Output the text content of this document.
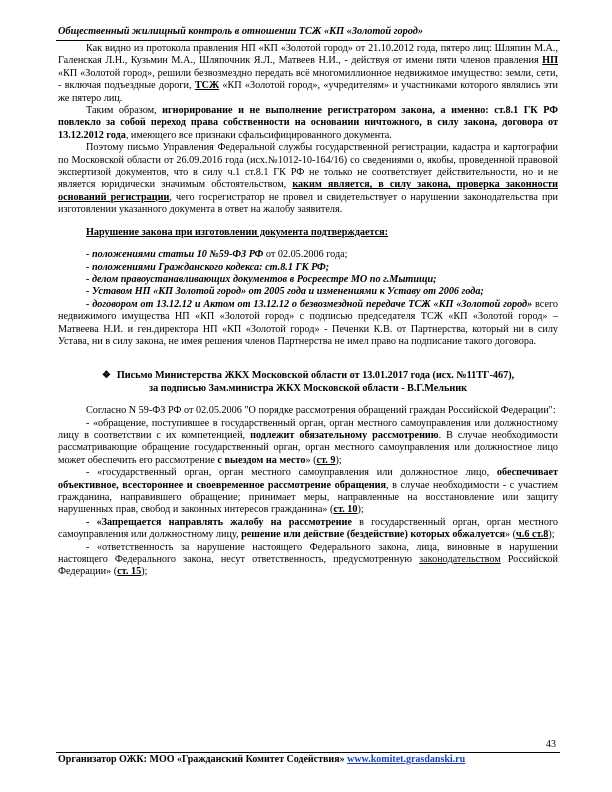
Общественный жилищный контроль в отношении ТСЖ «КП «Золотой город»

Как видно из протокола правления НП «КП «Золотой город» от 21.10.2012 года, пятеро лиц: Шляпин М.А., Галенская Л.Н., Кузьмин М.А., Шляпочник Я.Л., Матвеев Н.И., - действуя от имени пяти членов правления НП «КП «Золотой город», решили безвозмездно передать всё многомиллионное недвижимое имущество: земли, сети, - включая подъездные дороги, ТСЖ «КП «Золотой город», «учредителям» и участниками которого являлись эти же пятеро лиц.

Таким образом, игнорирование и не выполнение регистратором закона, а именно: ст.8.1 ГК РФ повлекло за собой переход права собственности на основании ничтожного, в силу закона, договора от 13.12.2012 года, имеющего все признаки сфальсифицированного документа.

Поэтому письмо Управления Федеральной службы государственной регистрации, кадастра и картографии по Московской области от 26.09.2016 года (исх.№1012-10-164/16) со сведениями о, якобы, проведенной правовой экспертизой документов, что в силу ч.1 ст.8.1 ГК РФ не только не соответствует действительности, но и не является юридически значимым обстоятельством, каким является, в силу закона, проверка законности оснований регистрации, чего госрегистратор не провел и свидетельствует о нарушении законодательства при изготовлении указанного документа в ответ на жалобу заявителя.

Нарушение закона при изготовлении документа подтверждается:

- положениями статьи 10 №59-ФЗ РФ от 02.05.2006 года;

- положениями Гражданского кодекса: ст.8.1 ГК РФ;

- делом правоустанавливающих документов в Росреестре МО по г.Мытищи;

- Уставом НП «КП Золотой город» от 2005 года и изменениями к Уставу от 2006 года;

- договором от 13.12.12 и Актом от 13.12.12 о безвозмездной передаче ТСЖ «КП «Золотой город» всего недвижимого имущества НП «КП «Золотой город» с подписью председателя ТСЖ «КП «Золотой город» – Матвеева Н.И. и ген.директора НП «КП «Золотой город» - Печенки К.В. от Партнерства, который ни в силу Устава, ни в силу закона, не имея решения членов Партнерства не имел право на подписание такого договора.

❖ Письмо Министерства ЖКХ Московской области от 13.01.2017 года (исх. №11ТГ-467),

за подписью Зам.министра ЖКХ Московской области - В.Г.Мельник

Согласно N 59-ФЗ РФ от 02.05.2006 "О порядке рассмотрения обращений граждан Российской Федерации":

- «обращение, поступившее в государственный орган, орган местного самоуправления или должностному лицу в соответствии с их компетенцией, подлежит обязательному рассмотрению. В случае необходимости рассматривающие обращение государственный орган, орган местного самоуправления или должностное лицо может обеспечить его рассмотрение с выездом на место» (ст. 9);

- «государственный орган, орган местного самоуправления или должностное лицо, обеспечивает объективное, всестороннее и своевременное рассмотрение обращения, в случае необходимости - с участием гражданина, направившего обращение; принимает меры, направленные на восстановление или защиту нарушенных прав, свобод и законных интересов гражданина» (ст. 10);

- «Запрещается направлять жалобу на рассмотрение в государственный орган, орган местного самоуправления или должностному лицу, решение или действие (бездействие) которых обжалуется» (ч.6 ст.8);

- «ответственность за нарушение настоящего Федерального закона, лица, виновные в нарушении настоящего Федерального закона, несут ответственность, предусмотренную законодательством Российской Федерации» (ст. 15);

43
Организатор ОЖК: МОО «Гражданский Комитет Содействия» www.komitet.grasdanski.ru
